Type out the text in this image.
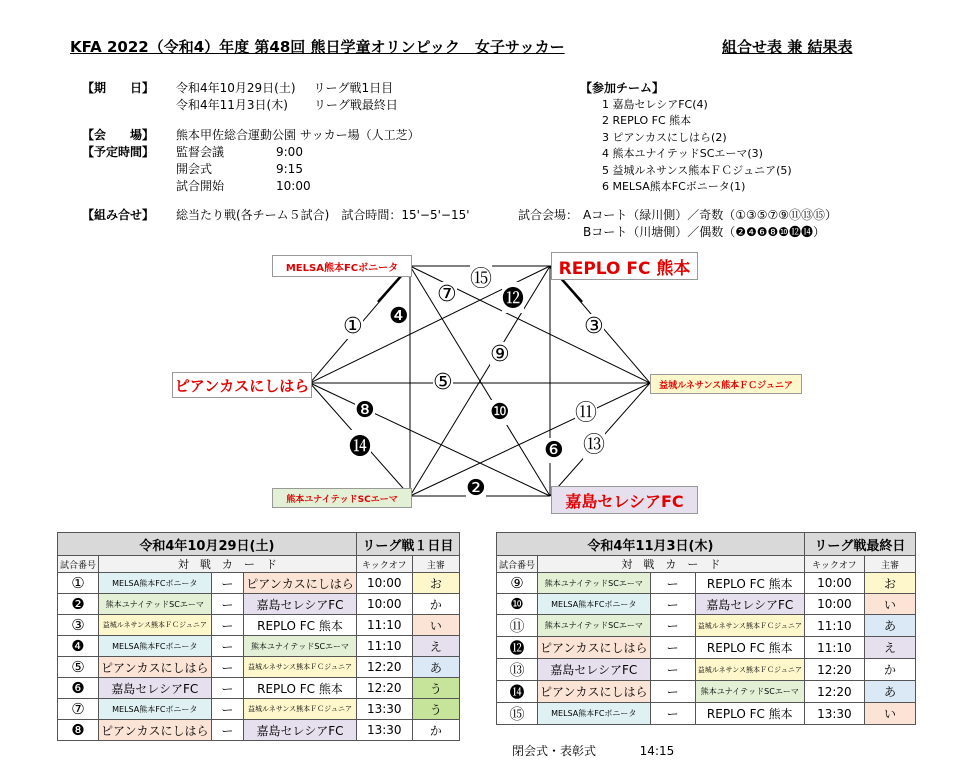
KFA 2022（令和4）年度 第48回 熊日学童オリンピック　女子サッカー	組合せ表 兼 結果表
【期　　日】 令和4年10月29日(土) リーグ戦1日目
令和4年11月3日(木) リーグ戦最終日
【会　　場】
【予定時間】
熊本甲佐総合運動公園 サッカー場（人工芝）
監督会議	9:00
開会式	9:15
試合開始	10:00
【組み合せ】 総当たり戦(各チーム５試合)　試合時間：15'−5'−15'	試合会場： Aコート（緑川側）／奇数（①③⑤⑦⑨⑪⑬⑮）
Bコート（川塘側）／偶数（❷❹❻❽❿⓬⓮）
【参加チーム】
1 嘉島セレシアFC(4)
2 REPLO FC 熊本
3 ピアンカスにしはら(2)
4 熊本ユナイテッドSCエーマ(3)
5 益城ルネサンス熊本ＦＣジュニア(5)
6 MELSA熊本FCボニータ(1)
MELSA熊本FCボニータ	REPLO FC 熊本
ピアンカスにしはら	益城ルネサンス熊本ＦＣジュニア
熊本ユナイテッドSCエーマ	嘉島セレシアFC
①
❷
③
❹
⑤
❻
⑦
❽
⑨
❿	⑪
⓬
⑬
⓮
⑮
令和4年10月29日(土)				リーグ戦１日目	
試合番号	対　戦　カ　ー　ド			キックオフ	主審
①	MELSA熊本FCボニータ	ー	ピアンカスにしはら	10:00	お
❷	熊本ユナイテッドSCエーマ	ー	嘉島セレシアFC	10:00	か
③	益城ルネサンス熊本ＦＣジュニア	ー	REPLO FC 熊本	11:10	い
❹	MELSA熊本FCボニータ	ー	熊本ユナイテッドSCエーマ	11:10	え
⑤	ピアンカスにしはら	ー	益城ルネサンス熊本ＦＣジュニア	12:20	あ
❻	嘉島セレシアFC	ー	REPLO FC 熊本	12:20	う
⑦	MELSA熊本FCボニータ	ー	益城ルネサンス熊本ＦＣジュニア	13:30	う
❽	ピアンカスにしはら	ー	嘉島セレシアFC	13:30	か
令和4年11月3日(木)				リーグ戦最終日	
試合番号	対　戦　カ　ー　ド			キックオフ	主審
⑨	熊本ユナイテッドSCエーマ	ー	REPLO FC 熊本	10:00	お
❿	MELSA熊本FCボニータ	ー	嘉島セレシアFC	10:00	い
⑪	熊本ユナイテッドSCエーマ	ー	益城ルネサンス熊本ＦＣジュニア	11:10	あ
⓬	ピアンカスにしはら	ー	REPLO FC 熊本	11:10	え
⑬	嘉島セレシアFC	ー	益城ルネサンス熊本ＦＣジュニア	12:20	か
⓮	ピアンカスにしはら	ー	熊本ユナイテッドSCエーマ	12:20	あ
⑮	MELSA熊本FCボニータ	ー	REPLO FC 熊本	13:30	い
閉会式・表彰式	14:15
